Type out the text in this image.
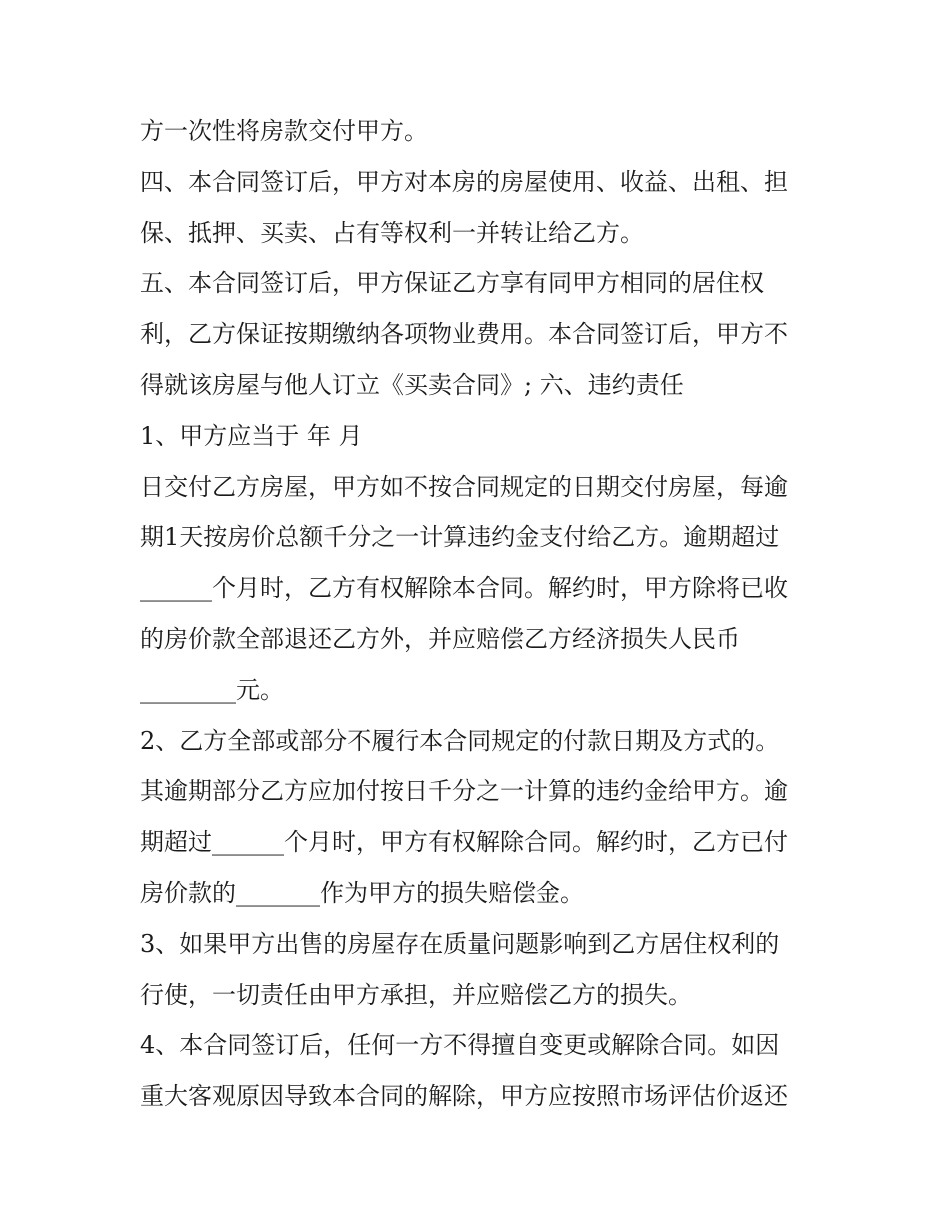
方一次性将房款交付甲方。
四、本合同签订后，甲方对本房的房屋使用、收益、出租、担
保、抵押、买卖、占有等权利一并转让给乙方。
五、本合同签订后，甲方保证乙方享有同甲方相同的居住权
利，乙方保证按期缴纳各项物业费用。本合同签订后，甲方不
得就该房屋与他人订立《买卖合同》; 六、违约责任
1、甲方应当于 年 月
日交付乙方房屋，甲方如不按合同规定的日期交付房屋，每逾
期1天按房价总额千分之一计算违约金支付给乙方。逾期超过
______个月时，乙方有权解除本合同。解约时，甲方除将已收
的房价款全部退还乙方外，并应赔偿乙方经济损失人民币
________元。
2、乙方全部或部分不履行本合同规定的付款日期及方式的。
其逾期部分乙方应加付按日千分之一计算的违约金给甲方。逾
期超过______个月时，甲方有权解除合同。解约时，乙方已付
房价款的_______作为甲方的损失赔偿金。
3、如果甲方出售的房屋存在质量问题影响到乙方居住权利的
行使，一切责任由甲方承担，并应赔偿乙方的损失。
4、本合同签订后，任何一方不得擅自变更或解除合同。如因
重大客观原因导致本合同的解除，甲方应按照市场评估价返还
